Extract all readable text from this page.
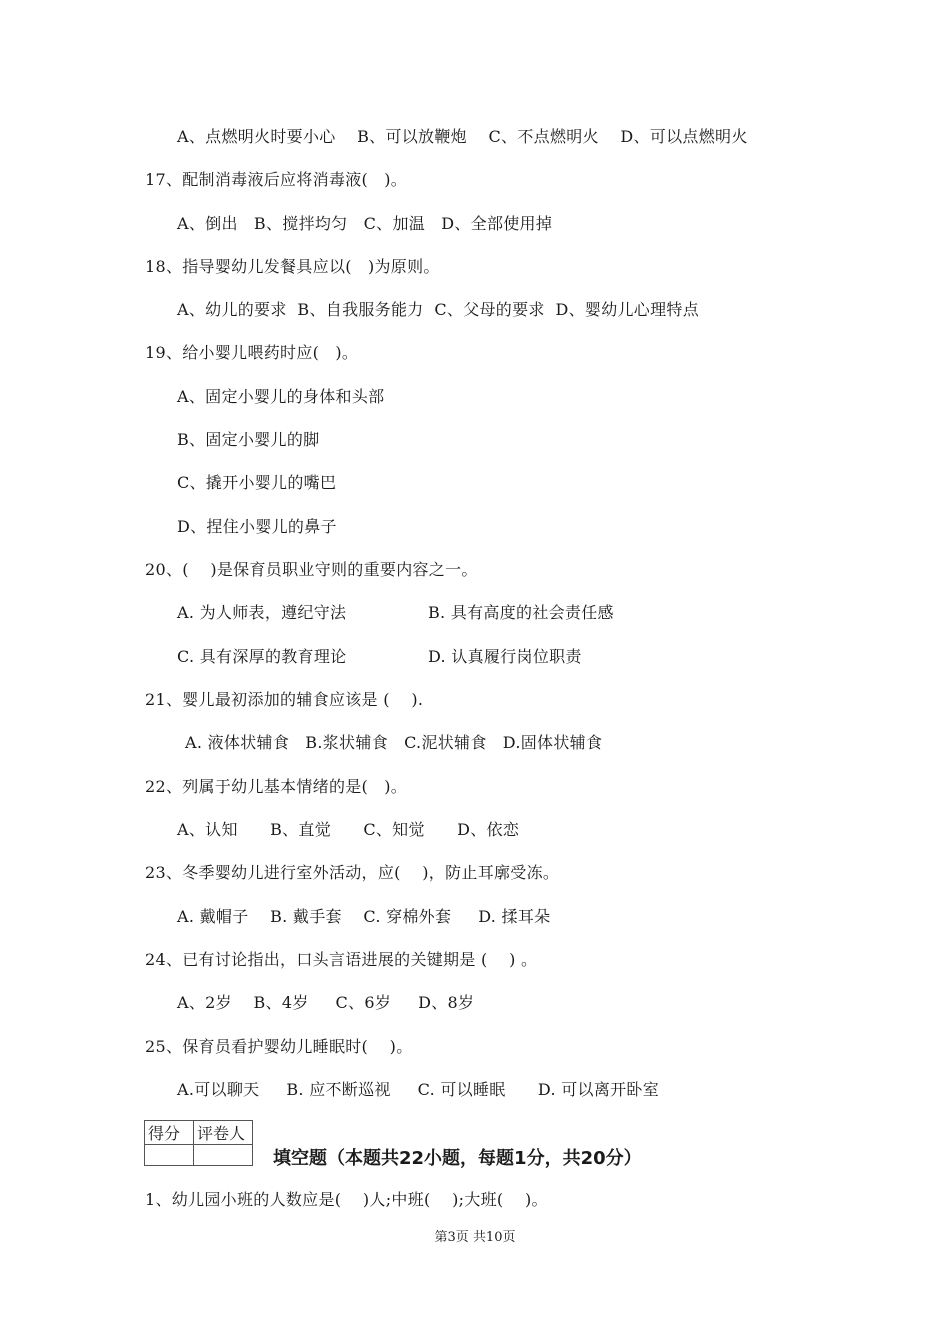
A、点燃明火时要小心    B、可以放鞭炮    C、不点燃明火    D、可以点燃明火
17、配制消毒液后应将消毒液(   )。
A、倒出   B、搅拌均匀   C、加温   D、全部使用掉
18、指导婴幼儿发餐具应以(   )为原则。
A、幼儿的要求  B、自我服务能力  C、父母的要求  D、婴幼儿心理特点
19、给小婴儿喂药时应(   )。
A、固定小婴儿的身体和头部
B、固定小婴儿的脚
C、撬开小婴儿的嘴巴
D、捏住小婴儿的鼻子
20、(    )是保育员职业守则的重要内容之一。
A. 为人师表，遵纪守法	B. 具有高度的社会责任感
C. 具有深厚的教育理论	D. 认真履行岗位职责
21、婴儿最初添加的辅食应该是 (    ).
A. 液体状辅食   B.浆状辅食   C.泥状辅食   D.固体状辅食
22、列属于幼儿基本情绪的是(   )。
A、认知      B、直觉      C、知觉      D、依恋
23、冬季婴幼儿进行室外活动，应(    )，防止耳廓受冻。
A. 戴帽子    B. 戴手套    C. 穿棉外套     D. 揉耳朵
24、已有讨论指出，口头言语进展的关键期是 (    ) 。
A、2岁    B、4岁     C、6岁     D、8岁
25、保育员看护婴幼儿睡眠时(    )。
A.可以聊天     B. 应不断巡视     C. 可以睡眠      D. 可以离开卧室
得分	评卷人

填空题（本题共22小题，每题1分，共20分）
1、幼儿园小班的人数应是(    )人;中班(    );大班(    )。
第3页 共10页
